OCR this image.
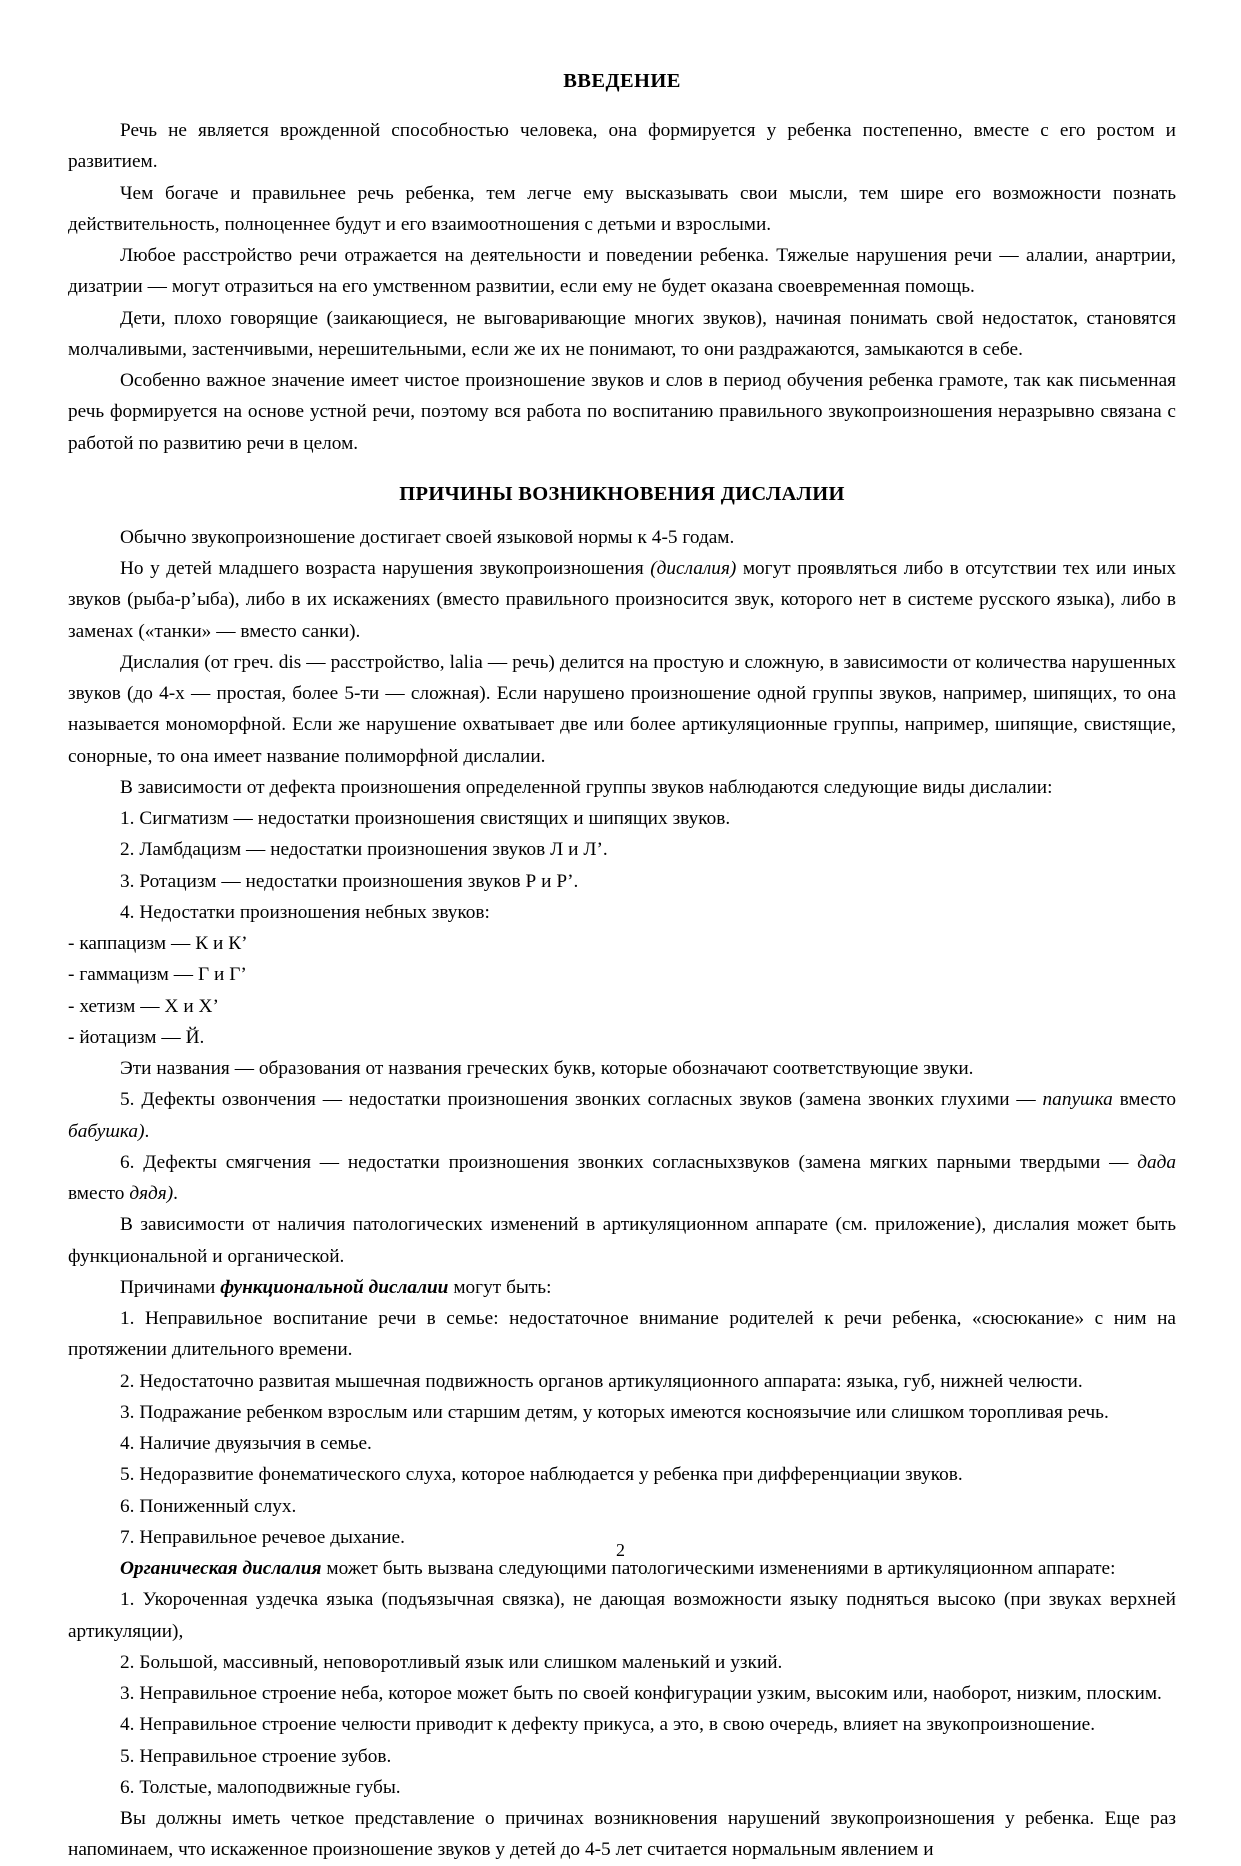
ВВЕДЕНИЕ

Речь не является врожденной способностью человека, она формируется у ребенка постепенно, вместе с его ростом и развитием.

Чем богаче и правильнее речь ребенка, тем легче ему высказывать свои мысли, тем шире его возможности познать действительность, полноценнее будут и его взаимоотношения с детьми и взрослыми.

Любое расстройство речи отражается на деятельности и поведении ребенка. Тяжелые нарушения речи — алалии, анартрии, дизатрии — могут отразиться на его умственном развитии, если ему не будет оказана своевременная помощь.

Дети, плохо говорящие (заикающиеся, не выговаривающие многих звуков), начиная понимать свой недостаток, становятся молчаливыми, застенчивыми, нерешительными, если же их не понимают, то они раздражаются, замыкаются в себе.

Особенно важное значение имеет чистое произношение звуков и слов в период обучения ребенка грамоте, так как письменная речь формируется на основе устной речи, поэтому вся работа по воспитанию правильного звукопроизношения неразрывно связана с работой по развитию речи в целом.

ПРИЧИНЫ ВОЗНИКНОВЕНИЯ ДИСЛАЛИИ

Обычно звукопроизношение достигает своей языковой нормы к 4-5 годам.

Но у детей младшего возраста нарушения звукопроизношения (дислалия) могут проявляться либо в отсутствии тех или иных звуков (рыба-р’ыба), либо в их искажениях (вместо правильного произносится звук, которого нет в системе русского языка), либо в заменах («танки» — вместо санки).

Дислалия (от греч. dis — расстройство, lalia — речь) делится на простую и сложную, в зависимости от количества нарушенных звуков (до 4-х — простая, более 5-ти — сложная). Если нарушено произношение одной группы звуков, например, шипящих, то она называется мономорфной. Если же нарушение охватывает две или более артикуляционные группы, например, шипящие, свистящие, сонорные, то она имеет название полиморфной дислалии.

В зависимости от дефекта произношения определенной группы звуков наблюдаются следующие виды дислалии:

1. Сигматизм — недостатки произношения свистящих и шипящих звуков.

2. Ламбдацизм — недостатки произношения звуков Л и Л’.

3. Ротацизм — недостатки произношения звуков Р и Р’.

4. Недостатки произношения небных звуков:

- каппацизм — К и К’

- гаммацизм — Г и Г’

- хетизм — Х и Х’

- йотацизм — Й.

Эти названия — образования от названия греческих букв, которые обозначают соответствующие звуки.

5. Дефекты озвончения — недостатки произношения звонких согласных звуков (замена звонких глухими — папушка вместо бабушка).

6. Дефекты смягчения — недостатки произношения звонких согласныхзвуков (замена мягких парными твердыми — дада вместо дядя).

В зависимости от наличия патологических изменений в артикуляционном аппарате (см. приложение), дислалия может быть функциональной и органической.

Причинами функциональной дислалии могут быть:

1. Неправильное воспитание речи в семье: недостаточное внимание родителей к речи ребенка, «сюсюкание» с ним на протяжении длительного времени.

2. Недостаточно развитая мышечная подвижность органов артикуляционного аппарата: языка, губ, нижней челюсти.

3. Подражание ребенком взрослым или старшим детям, у которых имеются косноязычие или слишком торопливая речь.

4. Наличие двуязычия в семье.

5. Недоразвитие фонематического слуха, которое наблюдается у ребенка при дифференциации звуков.

6. Пониженный слух.

7. Неправильное речевое дыхание.

Органическая дислалия может быть вызвана следующими патологическими изменениями в артикуляционном аппарате:

1. Укороченная уздечка языка (подъязычная связка), не дающая возможности языку подняться высоко (при звуках верхней артикуляции),

2. Большой, массивный, неповоротливый язык или слишком маленький и узкий.

3. Неправильное строение неба, которое может быть по своей конфигурации узким, высоким или, наоборот, низким, плоским.

4. Неправильное строение челюсти приводит к дефекту прикуса, а это, в свою очередь, влияет на звукопроизношение.

5. Неправильное строение зубов.

6. Толстые, малоподвижные губы.

Вы должны иметь четкое представление о причинах возникновения нарушений звукопроизношения у ребенка. Еще раз напоминаем, что искаженное произношение звуков у детей до 4-5 лет считается нормальным явлением и

2
